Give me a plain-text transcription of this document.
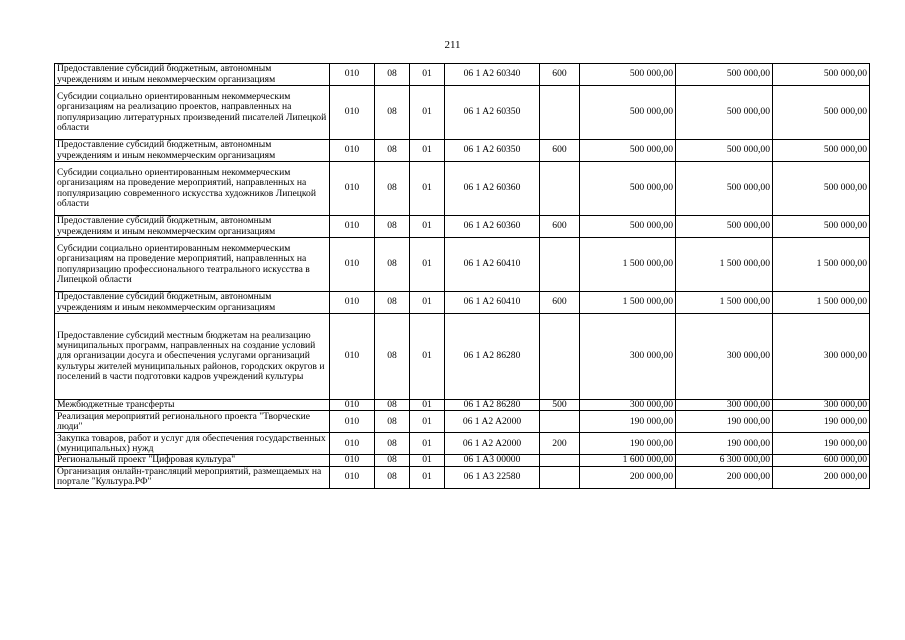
211
Предоставление субсидий бюджетным, автономным учреждениям и иным некоммерческим организациям	010	08	01	06 1 A2 60340	600	500 000,00	500 000,00	500 000,00
Субсидии социально ориентированным некоммерческим организациям на реализацию проектов, направленных на популяризацию литературных произведений писателей Липецкой области	010	08	01	06 1 A2 60350		500 000,00	500 000,00	500 000,00
Предоставление субсидий бюджетным, автономным учреждениям и иным некоммерческим организациям	010	08	01	06 1 A2 60350	600	500 000,00	500 000,00	500 000,00
Субсидии социально ориентированным некоммерческим организациям на проведение мероприятий, направленных на популяризацию современного искусства художников Липецкой области	010	08	01	06 1 A2 60360		500 000,00	500 000,00	500 000,00
Предоставление субсидий бюджетным, автономным учреждениям и иным некоммерческим организациям	010	08	01	06 1 A2 60360	600	500 000,00	500 000,00	500 000,00
Субсидии социально ориентированным некоммерческим организациям на проведение мероприятий, направленных на популяризацию профессионального театрального искусства в Липецкой области	010	08	01	06 1 A2 60410		1 500 000,00	1 500 000,00	1 500 000,00
Предоставление субсидий бюджетным, автономным учреждениям и иным некоммерческим организациям	010	08	01	06 1 A2 60410	600	1 500 000,00	1 500 000,00	1 500 000,00
Предоставление субсидий местным бюджетам на реализацию муниципальных программ, направленных на создание условий для организации досуга и обеспечения услугами организаций культуры жителей муниципальных районов, городских округов и поселений в части подготовки кадров учреждений культуры	010	08	01	06 1 A2 86280		300 000,00	300 000,00	300 000,00
Межбюджетные трансферты	010	08	01	06 1 A2 86280	500	300 000,00	300 000,00	300 000,00
Реализация мероприятий регионального проекта "Творческие люди"	010	08	01	06 1 A2 A2000		190 000,00	190 000,00	190 000,00
Закупка товаров, работ и услуг для обеспечения государственных (муниципальных) нужд	010	08	01	06 1 A2 A2000	200	190 000,00	190 000,00	190 000,00
Региональный проект "Цифровая культура"	010	08	01	06 1 A3 00000		1 600 000,00	6 300 000,00	600 000,00
Организация онлайн-трансляций мероприятий, размещаемых на портале "Культура.РФ"	010	08	01	06 1 A3 22580		200 000,00	200 000,00	200 000,00
